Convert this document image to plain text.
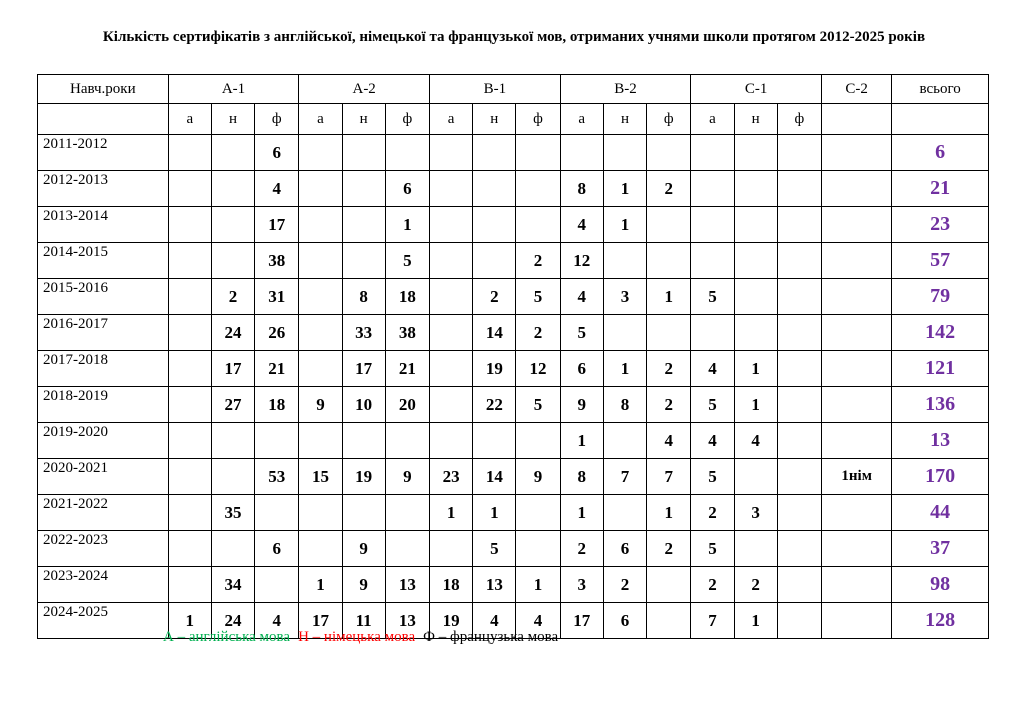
Кількість сертифікатів з англійської, німецької та французької мов, отриманих учнями школи протягом 2012-2025 років
Навч.роки	A-1			A-2			B-1			B-2			C-1			C-2	всього
	а	н	ф	а	н	ф	а	н	ф	а	н	ф	а	н	ф		
2011-2012			6														6
2012-2013			4			6				8	1	2					21
2013-2014			17			1				4	1						23
2014-2015			38			5			2	12							57
2015-2016		2	31		8	18		2	5	4	3	1	5				79
2016-2017		24	26		33	38		14	2	5							142
2017-2018		17	21		17	21		19	12	6	1	2	4	1			121
2018-2019		27	18	9	10	20		22	5	9	8	2	5	1			136
2019-2020										1		4	4	4			13
2020-2021			53	15	19	9	23	14	9	8	7	7	5			1нім	170
2021-2022		35					1	1		1		1	2	3			44
2022-2023			6		9			5		2	6	2	5				37
2023-2024		34		1	9	13	18	13	1	3	2		2	2			98
2024-2025	1	24	4	17	11	13	19	4	4	17	6		7	1			128
А – англійська мова Н – німецька мова Ф – французька мова
